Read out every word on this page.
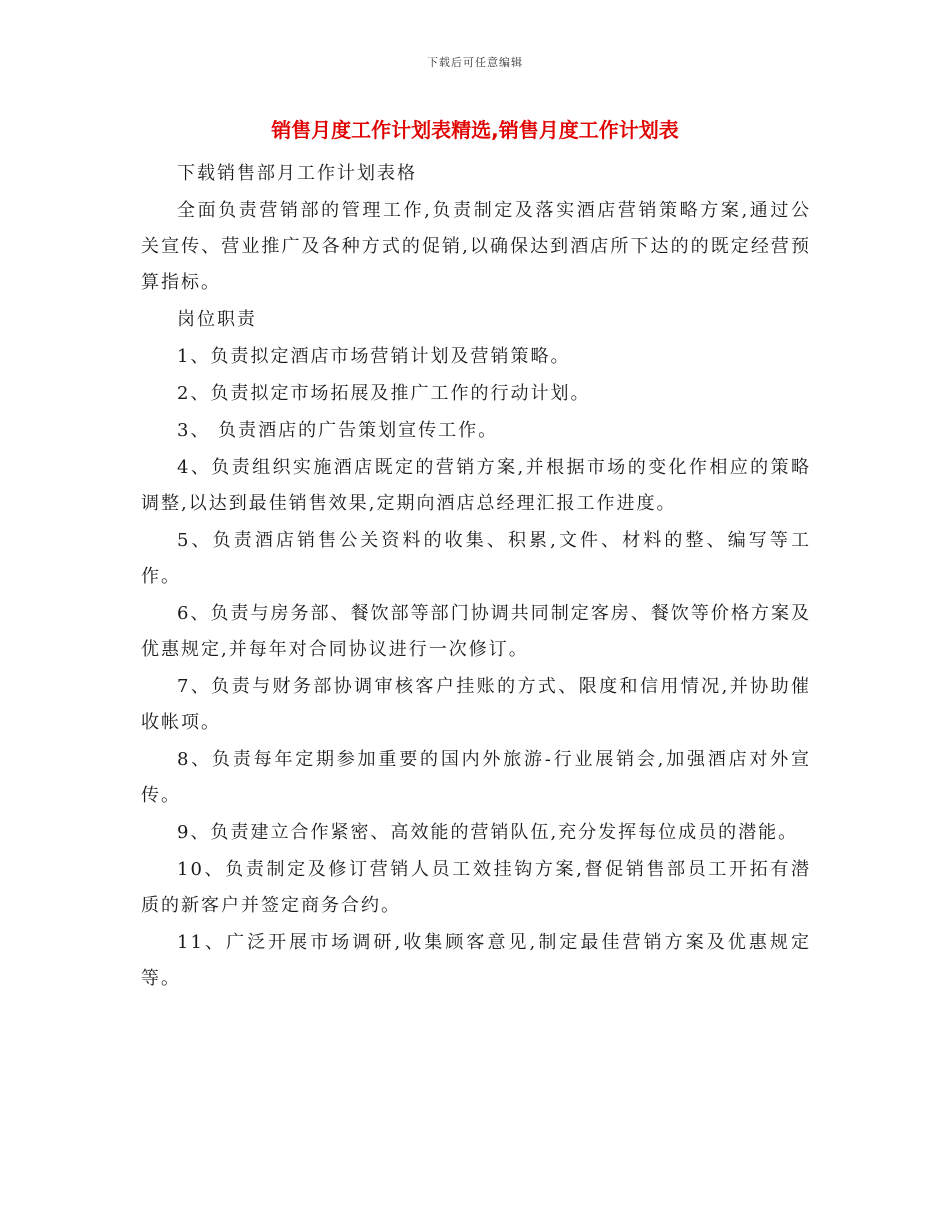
下载后可任意编辑
销售月度工作计划表精选,销售月度工作计划表

下载销售部月工作计划表格

全面负责营销部的管理工作,负责制定及落实酒店营销策略方案,通过公关宣传、营业推广及各种方式的促销,以确保达到酒店所下达的的既定经营预算指标。

岗位职责

1、负责拟定酒店市场营销计划及营销策略。

2、负责拟定市场拓展及推广工作的行动计划。

3、 负责酒店的广告策划宣传工作。

4、负责组织实施酒店既定的营销方案,并根据市场的变化作相应的策略调整,以达到最佳销售效果,定期向酒店总经理汇报工作进度。

5、负责酒店销售公关资料的收集、积累,文件、材料的整、编写等工作。

6、负责与房务部、餐饮部等部门协调共同制定客房、餐饮等价格方案及优惠规定,并每年对合同协议进行一次修订。

7、负责与财务部协调审核客户挂账的方式、限度和信用情况,并协助催收帐项。

8、负责每年定期参加重要的国内外旅游-行业展销会,加强酒店对外宣传。

9、负责建立合作紧密、高效能的营销队伍,充分发挥每位成员的潜能。

10、负责制定及修订营销人员工效挂钩方案,督促销售部员工开拓有潜质的新客户并签定商务合约。

11、广泛开展市场调研,收集顾客意见,制定最佳营销方案及优惠规定等。
